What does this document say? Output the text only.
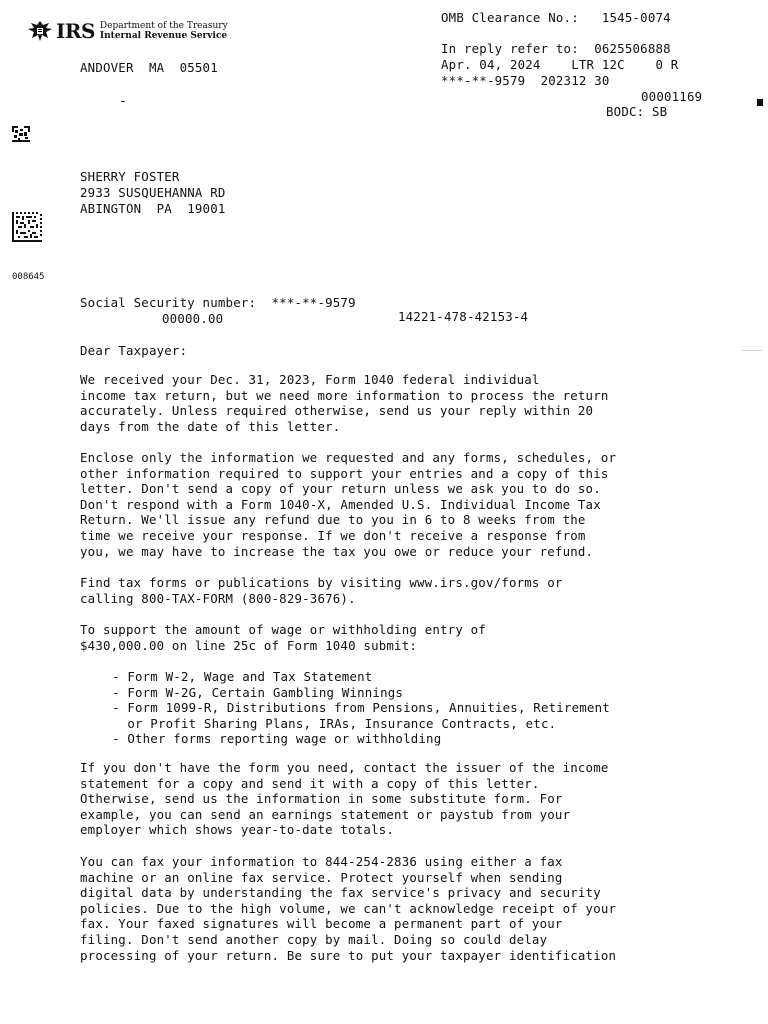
IRS Department of the Treasury
Internal Revenue Service
ANDOVER  MA  05501
OMB Clearance No.:   1545-0074
In reply refer to:  0625506888
Apr. 04, 2024    LTR 12C    0 R
***-**-9579  202312 30
00001169
BODC: SB
008645
SHERRY FOSTER
2933 SUSQUEHANNA RD
ABINGTON  PA  19001
Social Security number:  ***-**-9579
00000.00	14221-478-42153-4
Dear Taxpayer:
We received your Dec. 31, 2023, Form 1040 federal individual
income tax return, but we need more information to process the return
accurately. Unless required otherwise, send us your reply within 20
days from the date of this letter.
Enclose only the information we requested and any forms, schedules, or
other information required to support your entries and a copy of this
letter. Don't send a copy of your return unless we ask you to do so.
Don't respond with a Form 1040-X, Amended U.S. Individual Income Tax
Return. We'll issue any refund due to you in 6 to 8 weeks from the
time we receive your response. If we don't receive a response from
you, we may have to increase the tax you owe or reduce your refund.
Find tax forms or publications by visiting www.irs.gov/forms or
calling 800-TAX-FORM (800-829-3676).
To support the amount of wage or withholding entry of
$430,000.00 on line 25c of Form 1040 submit:
- Form W-2, Wage and Tax Statement
- Form W-2G, Certain Gambling Winnings
- Form 1099-R, Distributions from Pensions, Annuities, Retirement
or Profit Sharing Plans, IRAs, Insurance Contracts, etc.
- Other forms reporting wage or withholding
If you don't have the form you need, contact the issuer of the income
statement for a copy and send it with a copy of this letter.
Otherwise, send us the information in some substitute form. For
example, you can send an earnings statement or paystub from your
employer which shows year-to-date totals.
You can fax your information to 844-254-2836 using either a fax
machine or an online fax service. Protect yourself when sending
digital data by understanding the fax service's privacy and security
policies. Due to the high volume, we can't acknowledge receipt of your
fax. Your faxed signatures will become a permanent part of your
filing. Don't send another copy by mail. Doing so could delay
processing of your return. Be sure to put your taxpayer identification
